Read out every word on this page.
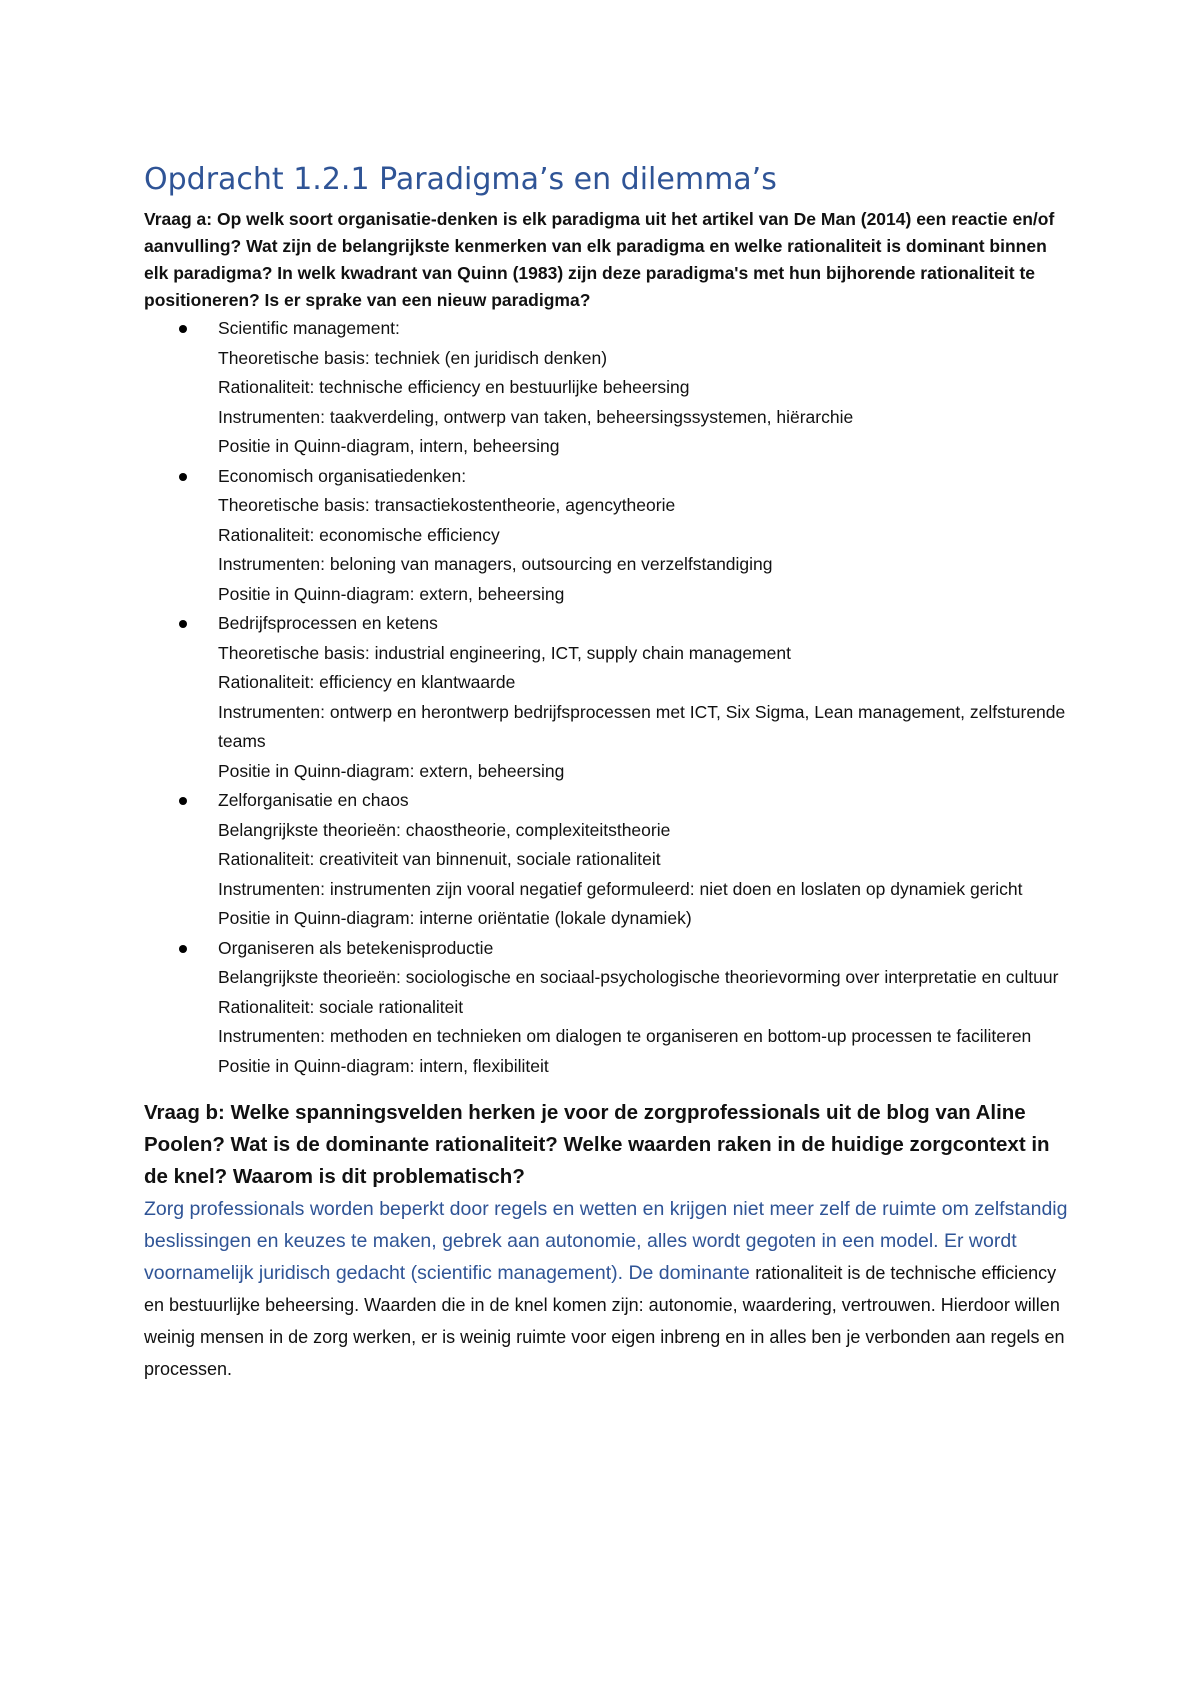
Opdracht 1.2.1 Paradigma’s en dilemma’s

Vraag a: Op welk soort organisatie-denken is elk paradigma uit het artikel van De Man (2014) een reactie en/of aanvulling? Wat zijn de belangrijkste kenmerken van elk paradigma en welke rationaliteit is dominant binnen elk paradigma? In welk kwadrant van Quinn (1983) zijn deze paradigma's met hun bijhorende rationaliteit te positioneren? Is er sprake van een nieuw paradigma?

Scientific management:
Theoretische basis: techniek (en juridisch denken)
Rationaliteit: technische efficiency en bestuurlijke beheersing
Instrumenten: taakverdeling, ontwerp van taken, beheersingssystemen, hiërarchie
Positie in Quinn-diagram, intern, beheersing
Economisch organisatiedenken:
Theoretische basis: transactiekostentheorie, agencytheorie
Rationaliteit: economische efficiency
Instrumenten: beloning van managers, outsourcing en verzelfstandiging
Positie in Quinn-diagram: extern, beheersing
Bedrijfsprocessen en ketens
Theoretische basis: industrial engineering, ICT, supply chain management
Rationaliteit: efficiency en klantwaarde
Instrumenten: ontwerp en herontwerp bedrijfsprocessen met ICT, Six Sigma, Lean management, zelfsturende teams
Positie in Quinn-diagram: extern, beheersing
Zelforganisatie en chaos
Belangrijkste theorieën: chaostheorie, complexiteitstheorie
Rationaliteit: creativiteit van binnenuit, sociale rationaliteit
Instrumenten: instrumenten zijn vooral negatief geformuleerd: niet doen en loslaten op dynamiek gericht
Positie in Quinn-diagram: interne oriëntatie (lokale dynamiek)
Organiseren als betekenisproductie
Belangrijkste theorieën: sociologische en sociaal-psychologische theorievorming over interpretatie en cultuur
Rationaliteit: sociale rationaliteit
Instrumenten: methoden en technieken om dialogen te organiseren en bottom-up processen te faciliteren
Positie in Quinn-diagram: intern, flexibiliteit

Vraag b: Welke spanningsvelden herken je voor de zorgprofessionals uit de blog van Aline Poolen? Wat is de dominante rationaliteit? Welke waarden raken in de huidige zorgcontext in de knel? Waarom is dit problematisch?

Zorg professionals worden beperkt door regels en wetten en krijgen niet meer zelf de ruimte om zelfstandig beslissingen en keuzes te maken, gebrek aan autonomie, alles wordt gegoten in een model. Er wordt voornamelijk juridisch gedacht (scientific management). De dominante rationaliteit is de technische efficiency en bestuurlijke beheersing. Waarden die in de knel komen zijn: autonomie, waardering, vertrouwen. Hierdoor willen weinig mensen in de zorg werken, er is weinig ruimte voor eigen inbreng en in alles ben je verbonden aan regels en processen.
